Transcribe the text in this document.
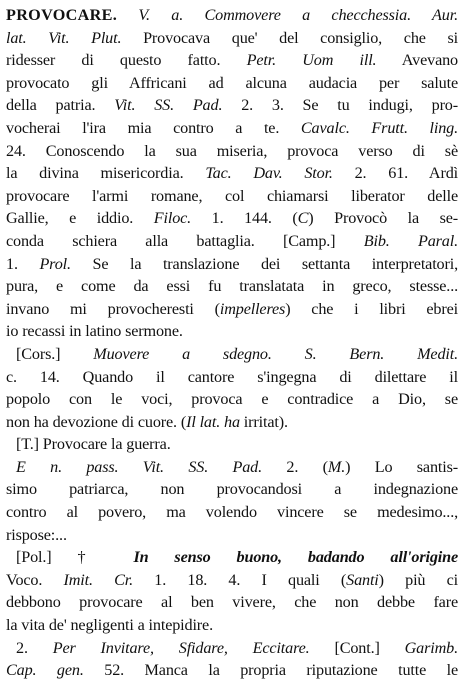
PROVOCARE. V. a. Commovere a checchessia. Aur.
lat. Vit. Plut. Provocava que' del consiglio, che si
ridesser di questo fatto. Petr. Uom ill. Avevano
provocato gli Affricani ad alcuna audacia per salute
della patria. Vit. SS. Pad. 2. 3. Se tu indugi, pro-
vocherai l'ira mia contro a te. Cavalc. Frutt. ling.
24. Conoscendo la sua miseria, provoca verso di sè
la divina misericordia. Tac. Dav. Stor. 2. 61. Ardì
provocare l'armi romane, col chiamarsi liberator delle
Gallie, e iddio. Filoc. 1. 144. (C) Provocò la se-
conda schiera alla battaglia. [Camp.] Bib. Paral.
1. Prol. Se la translazione dei settanta interpretatori,
pura, e come da essi fu translatata in greco, stesse...
invano mi provocheresti (impelleres) che i libri ebrei
io recassi in latino sermone.
[Cors.] Muovere a sdegno. S. Bern. Medit.
c. 14. Quando il cantore s'ingegna di dilettare il
popolo con le voci, provoca e contradice a Dio, se
non ha devozione di cuore. (Il lat. ha irritat).
[T.] Provocare la guerra.
E n. pass. Vit. SS. Pad. 2. (M.) Lo santis-
simo patriarca, non provocandosi a indegnazione
contro al povero, ma volendo vincere se medesimo...,
rispose:...
[Pol.] † In senso buono, badando all'origine
Voco. Imit. Cr. 1. 18. 4. I quali (Santi) più ci
debbono provocare al ben vivere, che non debbe fare
la vita de' negligenti a intepidire.
2. Per Invitare, Sfidare, Eccitare. [Cont.] Garimb.
Cap. gen. 52. Manca la propria riputazione tutte le
